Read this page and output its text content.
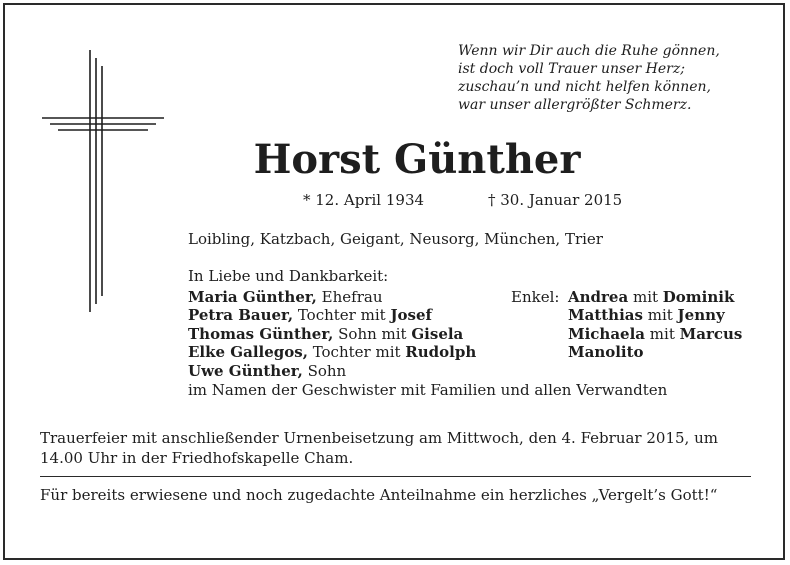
Wenn wir Dir auch die Ruhe gönnen,
ist doch voll Trauer unser Herz;
zuschau’n und nicht helfen können,
war unser allergrößter Schmerz.
Horst Günther
* 12. April 1934	† 30. Januar 2015
Loibling, Katzbach, Geigant, Neusorg, München, Trier
In Liebe und Dankbarkeit:
Maria Günther, Ehefrau
Petra Bauer, Tochter mit Josef
Thomas Günther, Sohn mit Gisela
Elke Gallegos, Tochter mit Rudolph
Uwe Günther, Sohn
Enkel: Andrea mit Dominik
Matthias mit Jenny
Michaela mit Marcus
Manolito
im Namen der Geschwister mit Familien und allen Verwandten
Trauerfeier mit anschließender Urnenbeisetzung am Mittwoch, den 4. Februar 2015, um 14.00 Uhr in der Friedhofskapelle Cham.
Für bereits erwiesene und noch zugedachte Anteilnahme ein herzliches „Vergelt’s Gott!“
